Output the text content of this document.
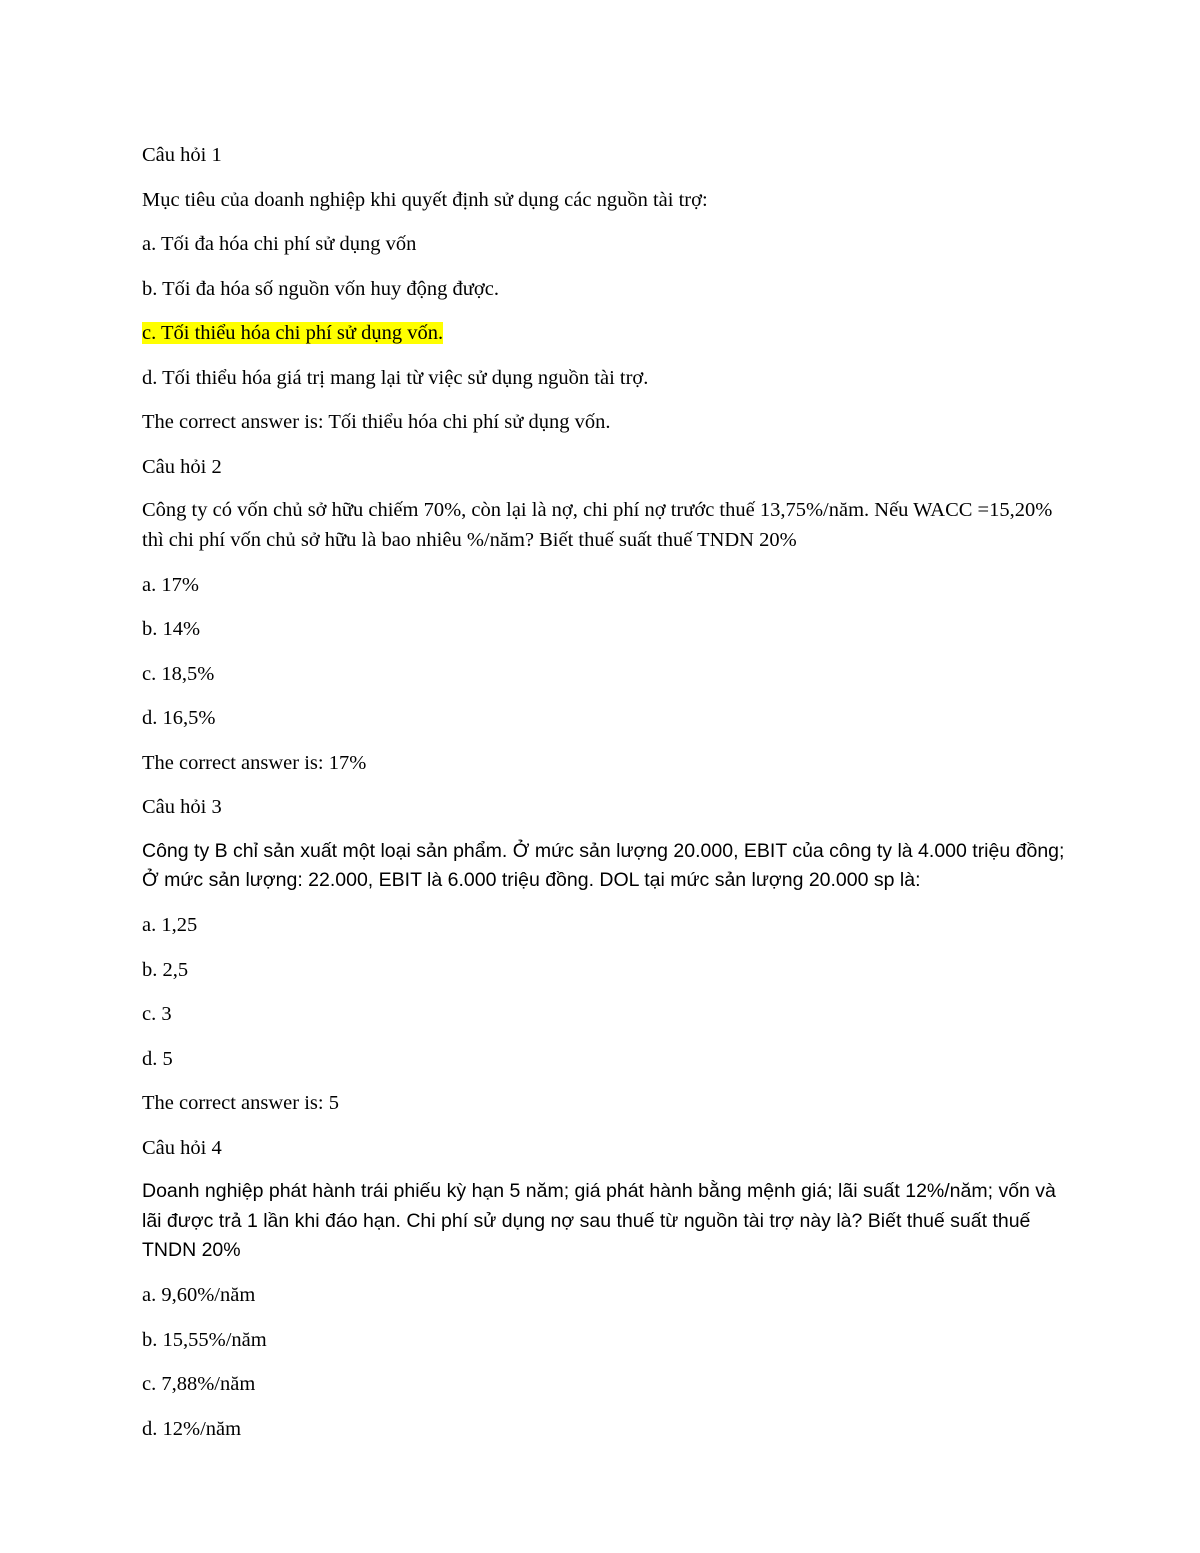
Câu hỏi 1

Mục tiêu của doanh nghiệp khi quyết định sử dụng các nguồn tài trợ:

a. Tối đa hóa chi phí sử dụng vốn

b. Tối đa hóa số nguồn vốn huy động được.

c. Tối thiểu hóa chi phí sử dụng vốn.

d. Tối thiểu hóa giá trị mang lại từ việc sử dụng nguồn tài trợ.

The correct answer is: Tối thiểu hóa chi phí sử dụng vốn.

Câu hỏi 2

Công ty có vốn chủ sở hữu chiếm 70%, còn lại là nợ, chi phí nợ trước thuế 13,75%/năm. Nếu WACC =15,20% thì chi phí vốn chủ sở hữu là bao nhiêu %/năm? Biết thuế suất thuế TNDN 20%

a. 17%

b. 14%

c. 18,5%

d. 16,5%

The correct answer is: 17%

Câu hỏi 3

Công ty B chỉ sản xuất một loại sản phẩm. Ở mức sản lượng 20.000, EBIT của công ty là 4.000 triệu đồng; Ở mức sản lượng: 22.000, EBIT là 6.000 triệu đồng. DOL tại mức sản lượng 20.000 sp là:

a. 1,25

b. 2,5

c. 3

d. 5

The correct answer is: 5

Câu hỏi 4

Doanh nghiệp phát hành trái phiếu kỳ hạn 5 năm; giá phát hành bằng mệnh giá; lãi suất 12%/năm; vốn và lãi được trả 1 lần khi đáo hạn. Chi phí sử dụng nợ sau thuế từ nguồn tài trợ này là? Biết thuế suất thuế TNDN 20%

a. 9,60%/năm

b. 15,55%/năm

c. 7,88%/năm

d. 12%/năm
